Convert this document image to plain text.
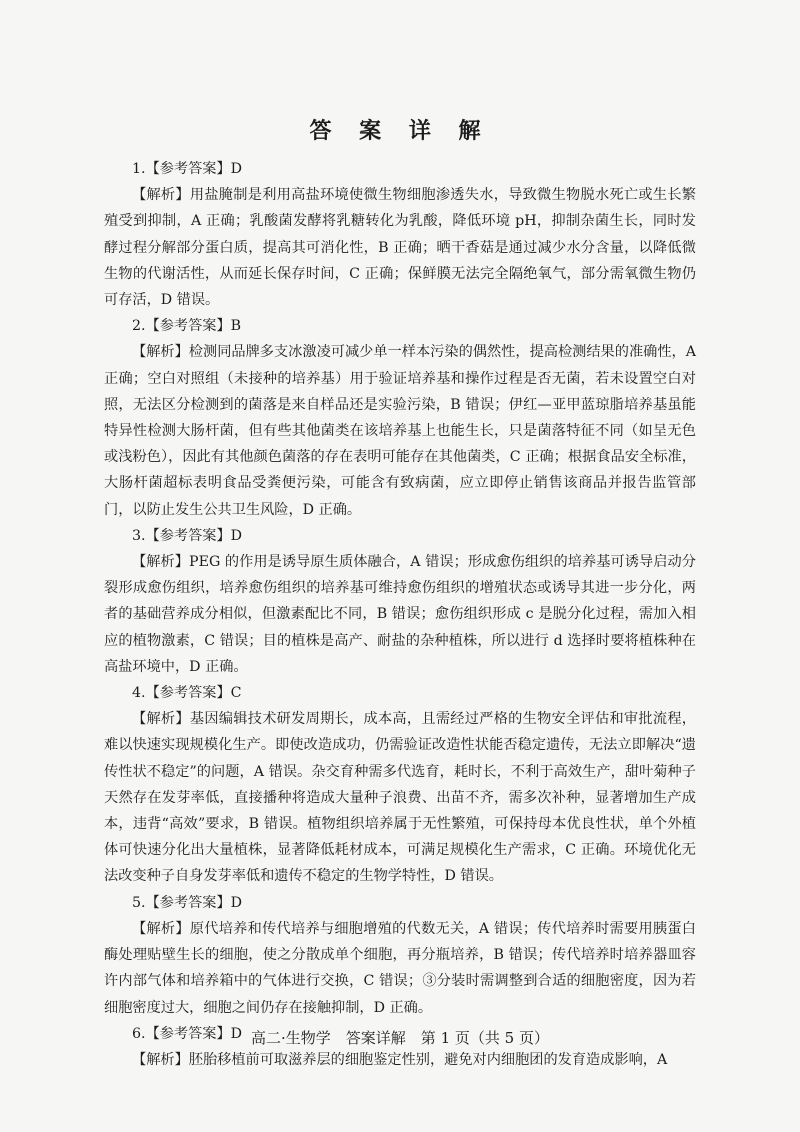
答 案 详 解

1.【参考答案】D

【解析】用盐腌制是利用高盐环境使微生物细胞渗透失水，导致微生物脱水死亡或生长繁殖受到抑制，A 正确；乳酸菌发酵将乳糖转化为乳酸，降低环境 pH，抑制杂菌生长，同时发酵过程分解部分蛋白质，提高其可消化性，B 正确；晒干香菇是通过减少水分含量，以降低微生物的代谢活性，从而延长保存时间，C 正确；保鲜膜无法完全隔绝氧气，部分需氧微生物仍可存活，D 错误。

2.【参考答案】B

【解析】检测同品牌多支冰激凌可减少单一样本污染的偶然性，提高检测结果的准确性，A 正确；空白对照组（未接种的培养基）用于验证培养基和操作过程是否无菌，若未设置空白对照，无法区分检测到的菌落是来自样品还是实验污染，B 错误；伊红—亚甲蓝琼脂培养基虽能特异性检测大肠杆菌，但有些其他菌类在该培养基上也能生长，只是菌落特征不同（如呈无色或浅粉色），因此有其他颜色菌落的存在表明可能存在其他菌类，C 正确；根据食品安全标准，大肠杆菌超标表明食品受粪便污染，可能含有致病菌，应立即停止销售该商品并报告监管部门，以防止发生公共卫生风险，D 正确。

3.【参考答案】D

【解析】PEG 的作用是诱导原生质体融合，A 错误；形成愈伤组织的培养基可诱导启动分裂形成愈伤组织，培养愈伤组织的培养基可维持愈伤组织的增殖状态或诱导其进一步分化，两者的基础营养成分相似，但激素配比不同，B 错误；愈伤组织形成 c 是脱分化过程，需加入相应的植物激素，C 错误；目的植株是高产、耐盐的杂种植株，所以进行 d 选择时要将植株种在高盐环境中，D 正确。

4.【参考答案】C

【解析】基因编辑技术研发周期长，成本高，且需经过严格的生物安全评估和审批流程，难以快速实现规模化生产。即使改造成功，仍需验证改造性状能否稳定遗传，无法立即解决“遗传性状不稳定”的问题，A 错误。杂交育种需多代选育，耗时长，不利于高效生产，甜叶菊种子天然存在发芽率低，直接播种将造成大量种子浪费、出苗不齐，需多次补种，显著增加生产成本，违背“高效”要求，B 错误。植物组织培养属于无性繁殖，可保持母本优良性状，单个外植体可快速分化出大量植株，显著降低耗材成本，可满足规模化生产需求，C 正确。环境优化无法改变种子自身发芽率低和遗传不稳定的生物学特性，D 错误。

5.【参考答案】D

【解析】原代培养和传代培养与细胞增殖的代数无关，A 错误；传代培养时需要用胰蛋白酶处理贴壁生长的细胞，使之分散成单个细胞，再分瓶培养，B 错误；传代培养时培养器皿容许内部气体和培养箱中的气体进行交换，C 错误；③分装时需调整到合适的细胞密度，因为若细胞密度过大，细胞之间仍存在接触抑制，D 正确。

6.【参考答案】D

【解析】胚胎移植前可取滋养层的细胞鉴定性别，避免对内细胞团的发育造成影响，A

高二·生物学　答案详解　第 1 页（共 5 页）
